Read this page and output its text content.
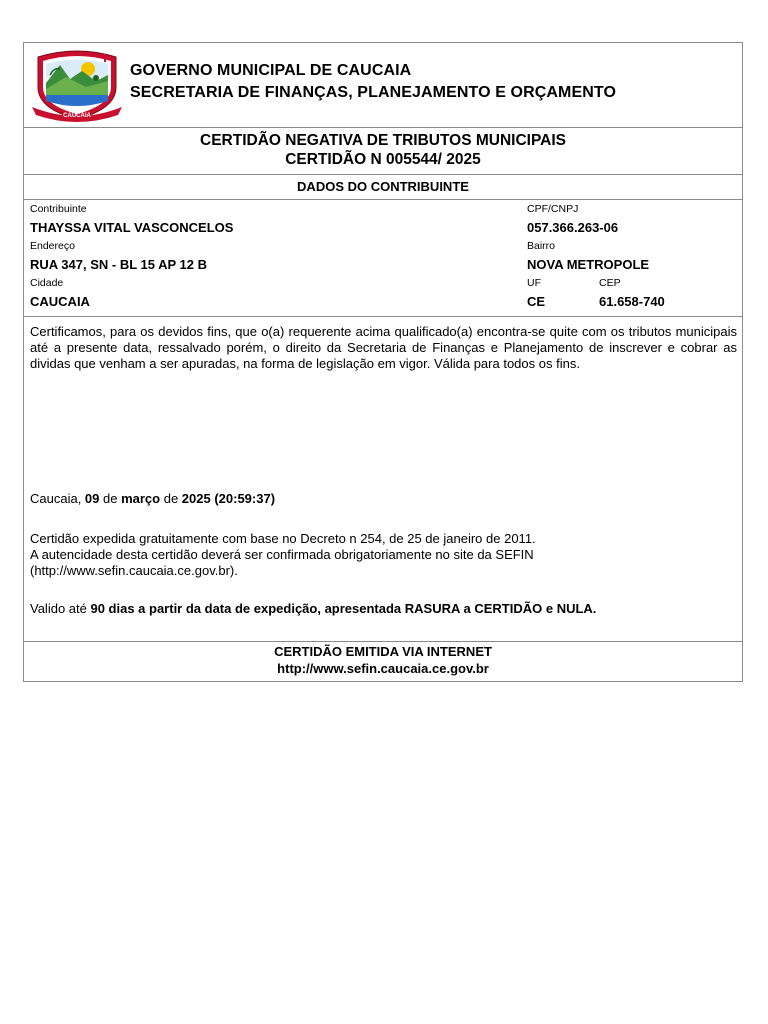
CAUCAIA
GOVERNO MUNICIPAL DE CAUCAIA
SECRETARIA DE FINANÇAS, PLANEJAMENTO E ORÇAMENTO
CERTIDÃO NEGATIVA DE TRIBUTOS MUNICIPAIS
CERTIDÃO N 005544/ 2025
DADOS DO CONTRIBUINTE
Contribuinte
THAYSSA VITAL VASCONCELOS
CPF/CNPJ
057.366.263-06
Endereço
RUA 347, SN - BL 15 AP 12 B
Bairro
NOVA METROPOLE
Cidade
CAUCAIA
UF
CE
CEP
61.658-740

Certificamos, para os devidos fins, que o(a) requerente acima qualificado(a) encontra-se quite com os tributos municipais até a presente data, ressalvado porém, o direito da Secretaria de Finanças e Planejamento de inscrever e cobrar as dividas que venham a ser apuradas, na forma de legislação em vigor. Válida para todos os fins.

Caucaia, 09 de março de 2025 (20:59:37)

Certidão expedida gratuitamente com base no Decreto n 254, de 25 de janeiro de 2011.
A autencidade desta certidão deverá ser confirmada obrigatoriamente no site da SEFIN
(http://www.sefin.caucaia.ce.gov.br).

Valido até 90 dias a partir da data de expedição, apresentada RASURA a CERTIDÃO e NULA.

CERTIDÃO EMITIDA VIA INTERNET
http://www.sefin.caucaia.ce.gov.br
